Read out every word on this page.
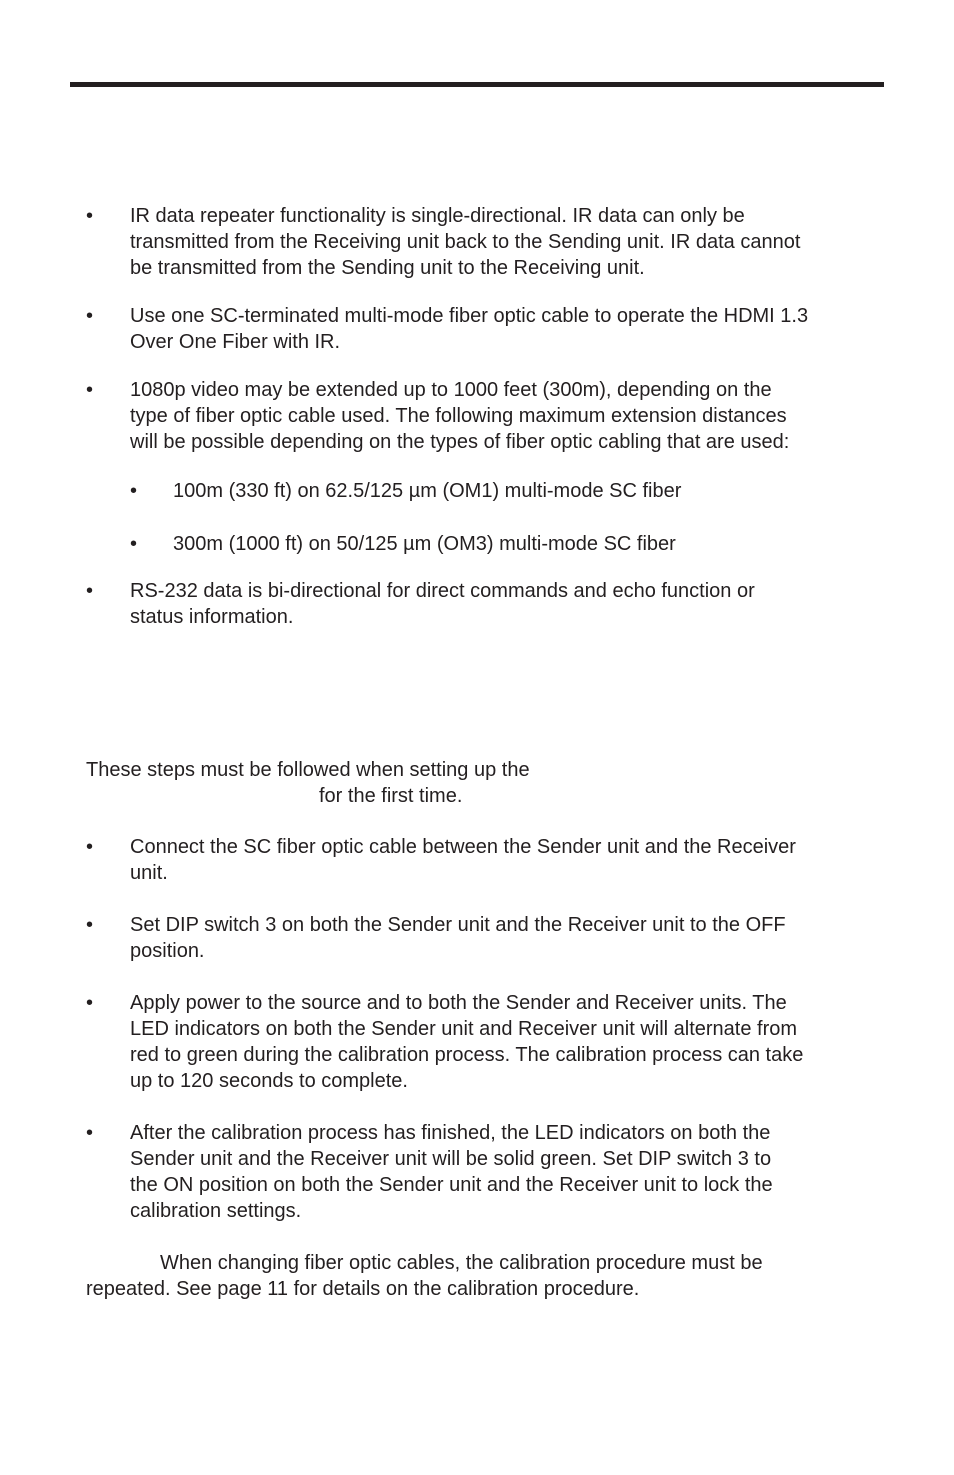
•	IR data repeater functionality is single-directional. IR data can only be
transmitted from the Receiving unit back to the Sending unit. IR data cannot
be transmitted from the Sending unit to the Receiving unit.
•	Use one SC-terminated multi-mode fiber optic cable to operate the HDMI 1.3
Over One Fiber with IR.
•	1080p video may be extended up to 1000 feet (300m), depending on the
type of fiber optic cable used. The following maximum extension distances
will be possible depending on the types of fiber optic cabling that are used:
• 100m (330 ft) on 62.5/125 µm (OM1) multi-mode SC fiber
• 300m (1000 ft) on 50/125 µm (OM3) multi-mode SC fiber
•	RS-232 data is bi-directional for direct commands and echo function or
status information.
These steps must be followed when setting up the
for the first time.
•	Connect the SC fiber optic cable between the Sender unit and the Receiver
unit.
•	Set DIP switch 3 on both the Sender unit and the Receiver unit to the OFF
position.
•	Apply power to the source and to both the Sender and Receiver units. The
LED indicators on both the Sender unit and Receiver unit will alternate from
red to green during the calibration process. The calibration process can take
up to 120 seconds to complete.
•	After the calibration process has finished, the LED indicators on both the
Sender unit and the Receiver unit will be solid green. Set DIP switch 3 to
the ON position on both the Sender unit and the Receiver unit to lock the
calibration settings.
When changing fiber optic cables, the calibration procedure must be
repeated. See page 11 for details on the calibration procedure.
